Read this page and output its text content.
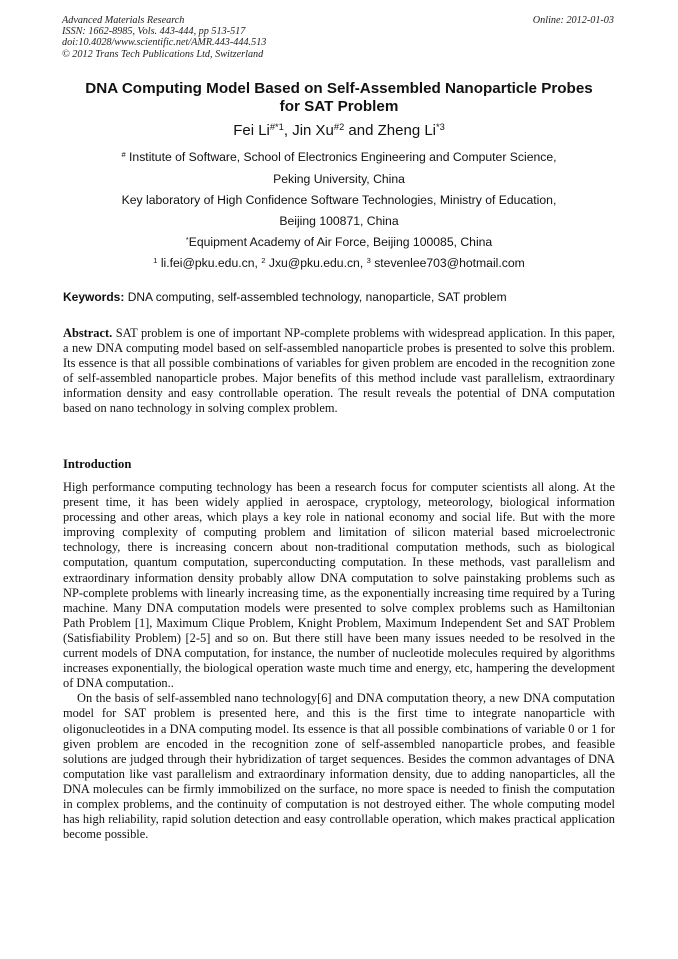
Advanced Materials Research
ISSN: 1662-8985, Vols. 443-444, pp 513-517
doi:10.4028/www.scientific.net/AMR.443-444.513
© 2012 Trans Tech Publications Ltd, Switzerland
Online: 2012-01-03
DNA Computing Model Based on Self-Assembled Nanoparticle Probes
for SAT Problem
Fei Li$^{\#*1}$, Jin Xu$^{\#2}$ and Zheng Li$^{*3}$
# Institute of Software, School of Electronics Engineering and Computer Science,
Peking University, China
Key laboratory of High Confidence Software Technologies, Ministry of Education,
Beijing 100871, China
*Equipment Academy of Air Force, Beijing 100085, China
$^1$ li.fei@pku.edu.cn, $^2$ Jxu@pku.edu.cn, $^3$ stevenlee703@hotmail.com
Keywords: DNA computing, self-assembled technology, nanoparticle, SAT problem
Abstract. SAT problem is one of important NP-complete problems with widespread application. In this paper, a new DNA computing model based on self-assembled nanoparticle probes is presented to solve this problem. Its essence is that all possible combinations of variables for given problem are encoded in the recognition zone of self-assembled nanoparticle probes. Major benefits of this method include vast parallelism, extraordinary information density and easy controllable operation. The result reveals the potential of DNA computation based on nano technology in solving complex problem.
Introduction

High performance computing technology has been a research focus for computer scientists all along. At the present time, it has been widely applied in aerospace, cryptology, meteorology, biological information processing and other areas, which plays a key role in national economy and social life. But with the more improving complexity of computing problem and limitation of silicon material based microelectronic technology, there is increasing concern about non-traditional computation methods, such as biological computation, quantum computation, superconducting computation. In these methods, vast parallelism and extraordinary information density probably allow DNA computation to solve painstaking problems such as NP-complete problems with linearly increasing time, as the exponentially increasing time required by a Turing machine. Many DNA computation models were presented to solve complex problems such as Hamiltonian Path Problem [1], Maximum Clique Problem, Knight Problem, Maximum Independent Set and SAT Problem (Satisfiability Problem) [2-5] and so on. But there still have been many issues needed to be resolved in the current models of DNA computation, for instance, the number of nucleotide molecules required by algorithms increases exponentially, the biological operation waste much time and energy, etc, hampering the development of DNA computation..

On the basis of self-assembled nano technology[6] and DNA computation theory, a new DNA computation model for SAT problem is presented here, and this is the first time to integrate nanoparticle with oligonucleotides in a DNA computing model. Its essence is that all possible combinations of variable 0 or 1 for given problem are encoded in the recognition zone of self-assembled nanoparticle probes, and feasible solutions are judged through their hybridization of target sequences. Besides the common advantages of DNA computation like vast parallelism and extraordinary information density, due to adding nanoparticles, all the DNA molecules can be firmly immobilized on the surface, no more space is needed to finish the computation in complex problems, and the continuity of computation is not destroyed either. The whole computing model has high reliability, rapid solution detection and easy controllable operation, which makes practical application become possible.
